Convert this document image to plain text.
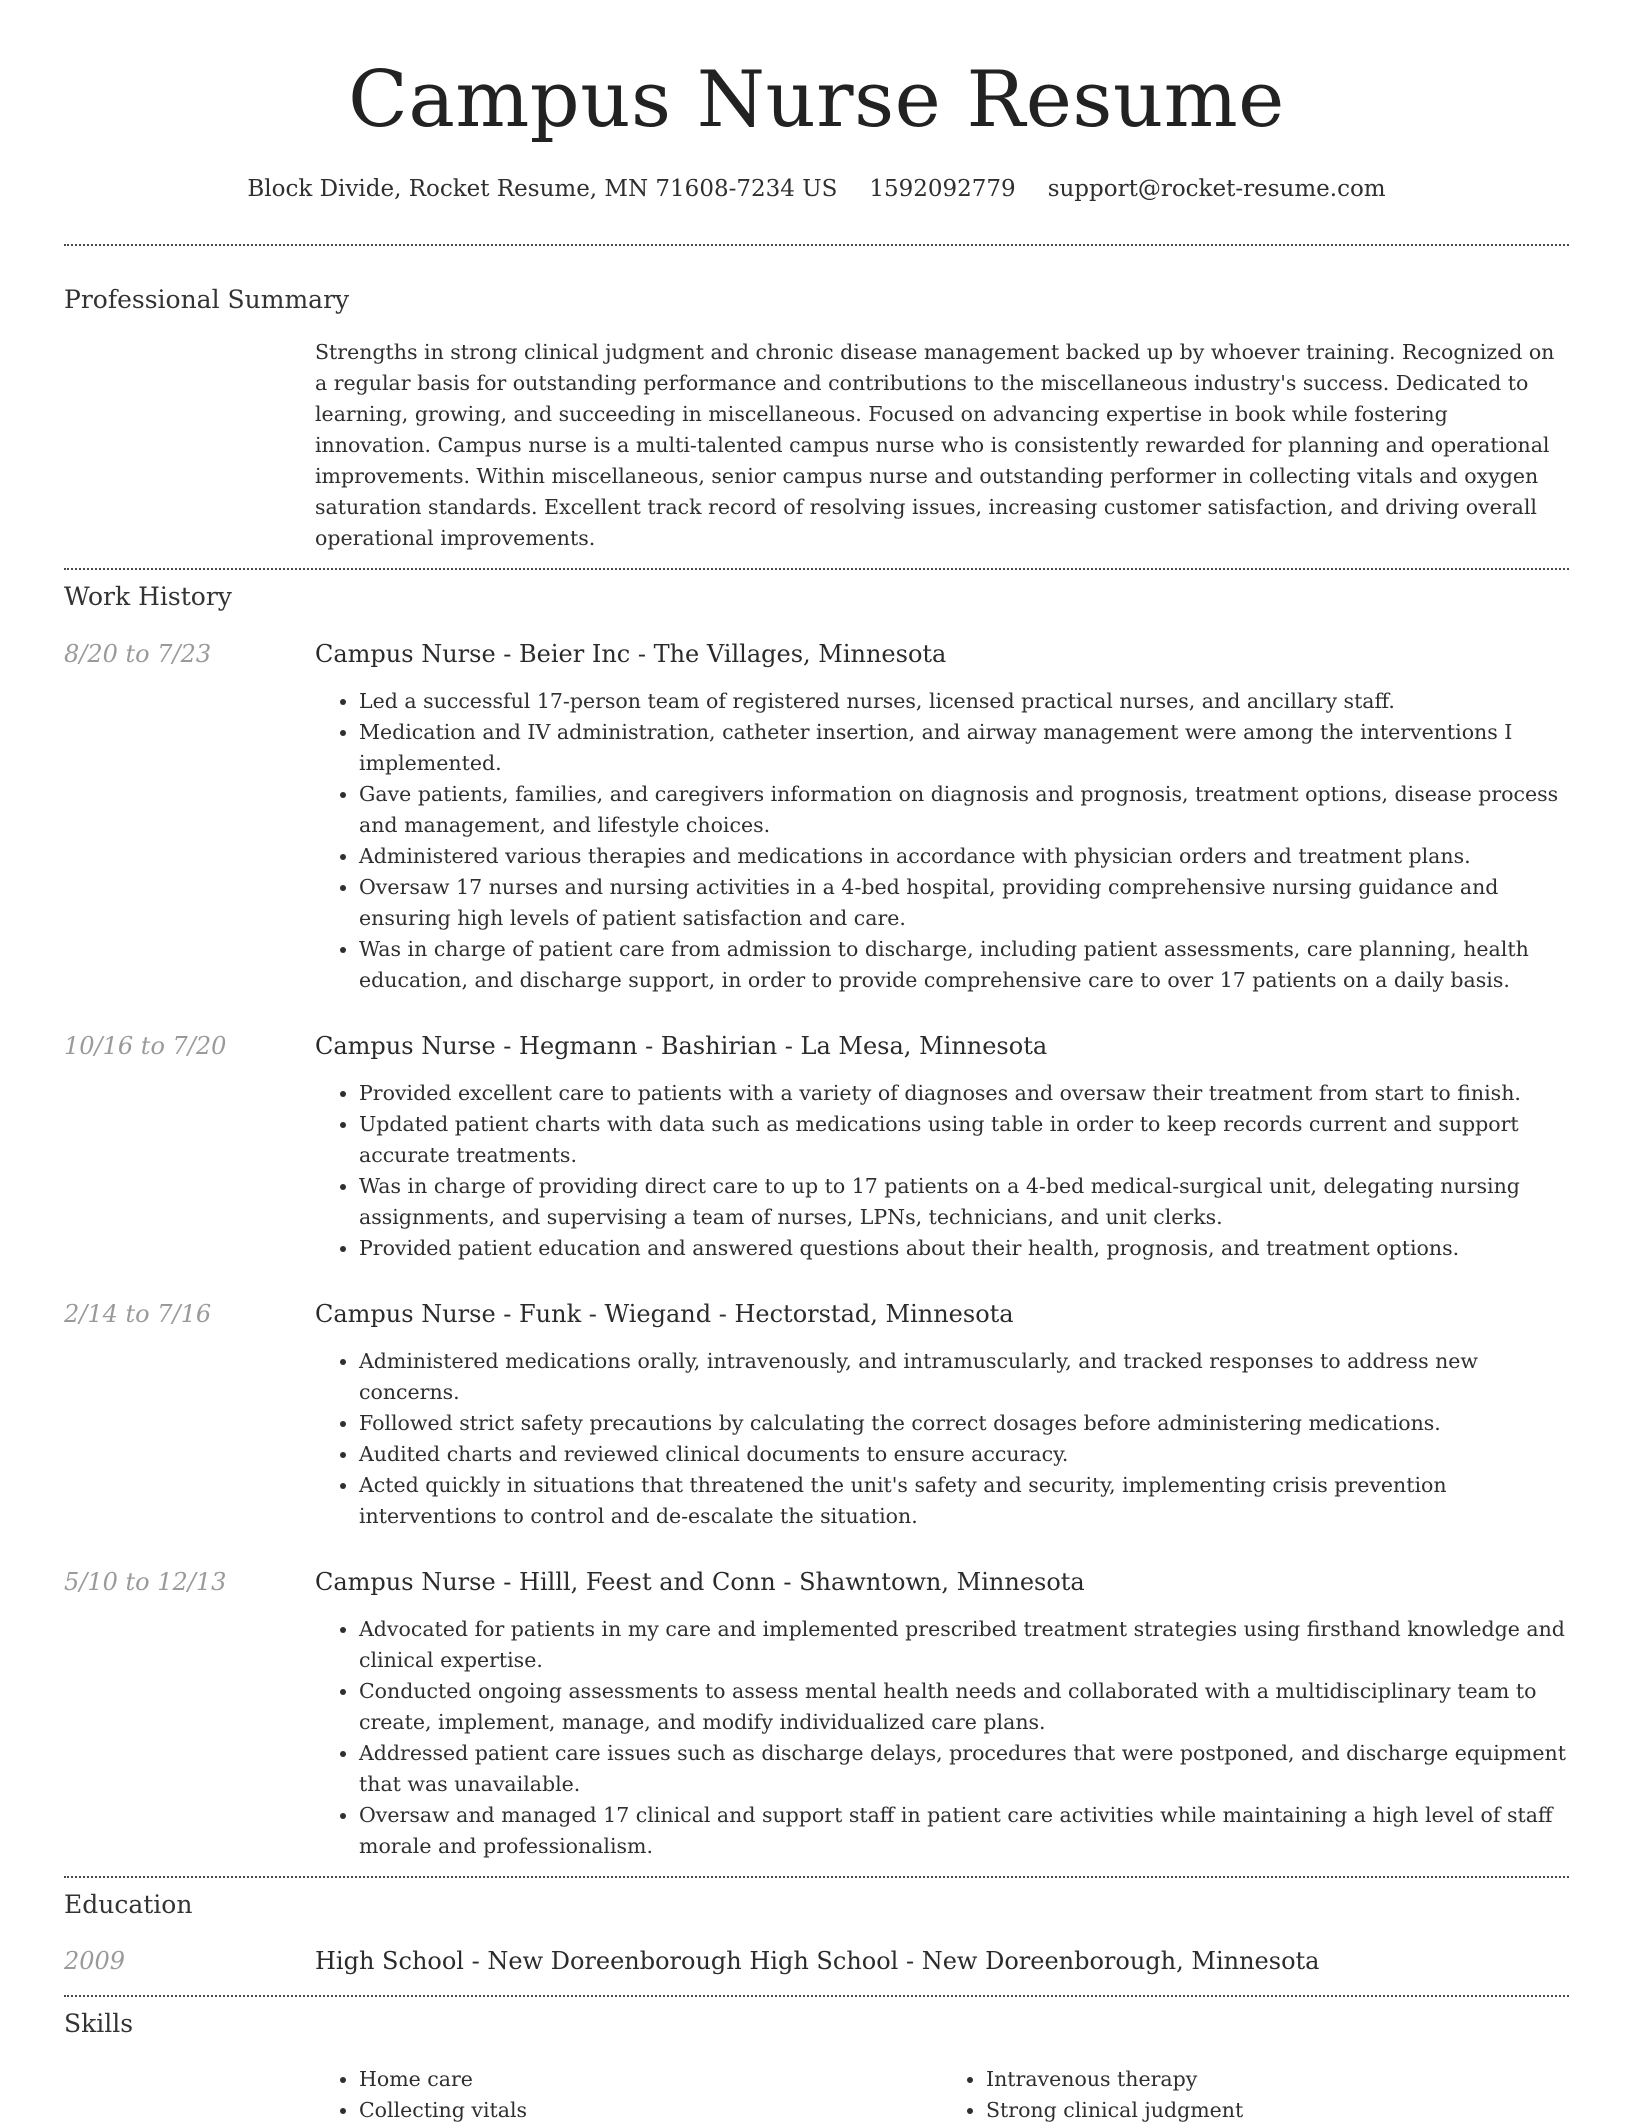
Campus Nurse Resume
Block Divide, Rocket Resume, MN 71608-7234 US 1592092779 support@rocket-resume.com
Professional Summary

Strengths in strong clinical judgment and chronic disease management backed up by whoever training. Recognized on a regular basis for outstanding performance and contributions to the miscellaneous industry's success. Dedicated to learning, growing, and succeeding in miscellaneous. Focused on advancing expertise in book while fostering innovation. Campus nurse is a multi-talented campus nurse who is consistently rewarded for planning and operational improvements. Within miscellaneous, senior campus nurse and outstanding performer in collecting vitals and oxygen saturation standards. Excellent track record of resolving issues, increasing customer satisfaction, and driving overall operational improvements.

Work History
8/20 to 7/23	Campus Nurse - Beier Inc - The Villages, Minnesota
• Led a successful 17-person team of registered nurses, licensed practical nurses, and ancillary staff.
• Medication and IV administration, catheter insertion, and airway management were among the interventions I implemented.
• Gave patients, families, and caregivers information on diagnosis and prognosis, treatment options, disease process and management, and lifestyle choices.
• Administered various therapies and medications in accordance with physician orders and treatment plans.
• Oversaw 17 nurses and nursing activities in a 4-bed hospital, providing comprehensive nursing guidance and ensuring high levels of patient satisfaction and care.
• Was in charge of patient care from admission to discharge, including patient assessments, care planning, health education, and discharge support, in order to provide comprehensive care to over 17 patients on a daily basis.
10/16 to 7/20	Campus Nurse - Hegmann - Bashirian - La Mesa, Minnesota
• Provided excellent care to patients with a variety of diagnoses and oversaw their treatment from start to finish.
• Updated patient charts with data such as medications using table in order to keep records current and support accurate treatments.
• Was in charge of providing direct care to up to 17 patients on a 4-bed medical-surgical unit, delegating nursing assignments, and supervising a team of nurses, LPNs, technicians, and unit clerks.
• Provided patient education and answered questions about their health, prognosis, and treatment options.
2/14 to 7/16	Campus Nurse - Funk - Wiegand - Hectorstad, Minnesota
• Administered medications orally, intravenously, and intramuscularly, and tracked responses to address new concerns.
• Followed strict safety precautions by calculating the correct dosages before administering medications.
• Audited charts and reviewed clinical documents to ensure accuracy.
• Acted quickly in situations that threatened the unit's safety and security, implementing crisis prevention interventions to control and de-escalate the situation.
5/10 to 12/13	Campus Nurse - Hilll, Feest and Conn - Shawntown, Minnesota
• Advocated for patients in my care and implemented prescribed treatment strategies using firsthand knowledge and clinical expertise.
• Conducted ongoing assessments to assess mental health needs and collaborated with a multidisciplinary team to create, implement, manage, and modify individualized care plans.
• Addressed patient care issues such as discharge delays, procedures that were postponed, and discharge equipment that was unavailable.
• Oversaw and managed 17 clinical and support staff in patient care activities while maintaining a high level of staff morale and professionalism.
Education
2009	High School - New Doreenborough High School - New Doreenborough, Minnesota
Skills
• Home care
• Collecting vitals
• Intravenous therapy
• Strong clinical judgment
